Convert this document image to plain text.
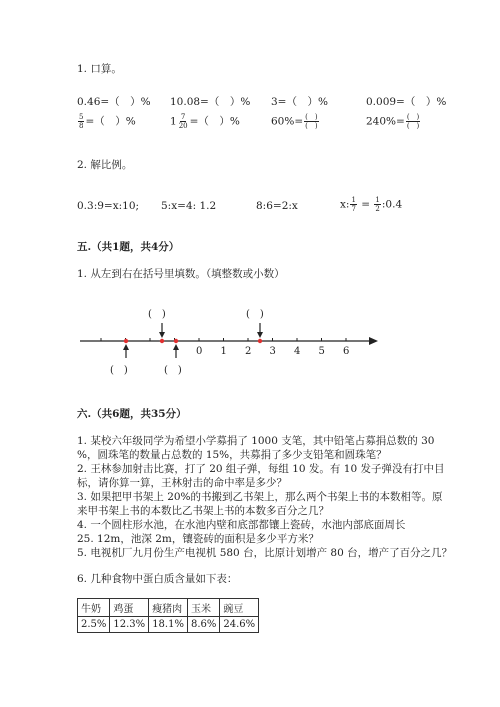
1. 口算。
0.46=（　）% 10.08=（　）% 3=（　）%	0.009=（　）%
$\frac{5}{8}$ =（　）%	$1 \frac{7}{20}$ =（　）%	$60\%= \frac{( )}{( )}$	$240\%= \frac{( )}{( )}$
2. 解比例。
0.3:9=x:10; 5:x=4: 1.2	8:6=2:x	x: $\frac{1}{7} = \frac{1}{2}$ :0.4
五.（共1题，共4分）
1. 从左到右在括号里填数。（填整数或小数）
0 1 2 3 4 5 6
(　)	(　)
(　)	(　)
六.（共6题，共35分）
1. 某校六年级同学为希望小学募捐了 1000 支笔，其中铅笔占募捐总数的 30
%，圆珠笔的数量占总数的 15%，共募捐了多少支铅笔和圆珠笔？
2. 王林参加射击比赛，打了 20 组子弹，每组 10 发。有 10 发子弹没有打中目
标，请你算一算，王林射击的命中率是多少？
3. 如果把甲书架上 20%的书搬到乙书架上，那么两个书架上书的本数相等。原
来甲书架上书的本数比乙书架上书的本数多百分之几？
4. 一个圆柱形水池，在水池内壁和底部都镶上瓷砖，水池内部底面周长
25. 12m，池深 2m，镶瓷砖的面积是多少平方米？
5. 电视机厂九月份生产电视机 580 台，比原计划增产 80 台，增产了百分之几？
6. 几种食物中蛋白质含量如下表：
牛奶	鸡蛋	瘦猪肉	玉米	豌豆
2.5%	12.3%	18.1%	8.6%	24.6%
